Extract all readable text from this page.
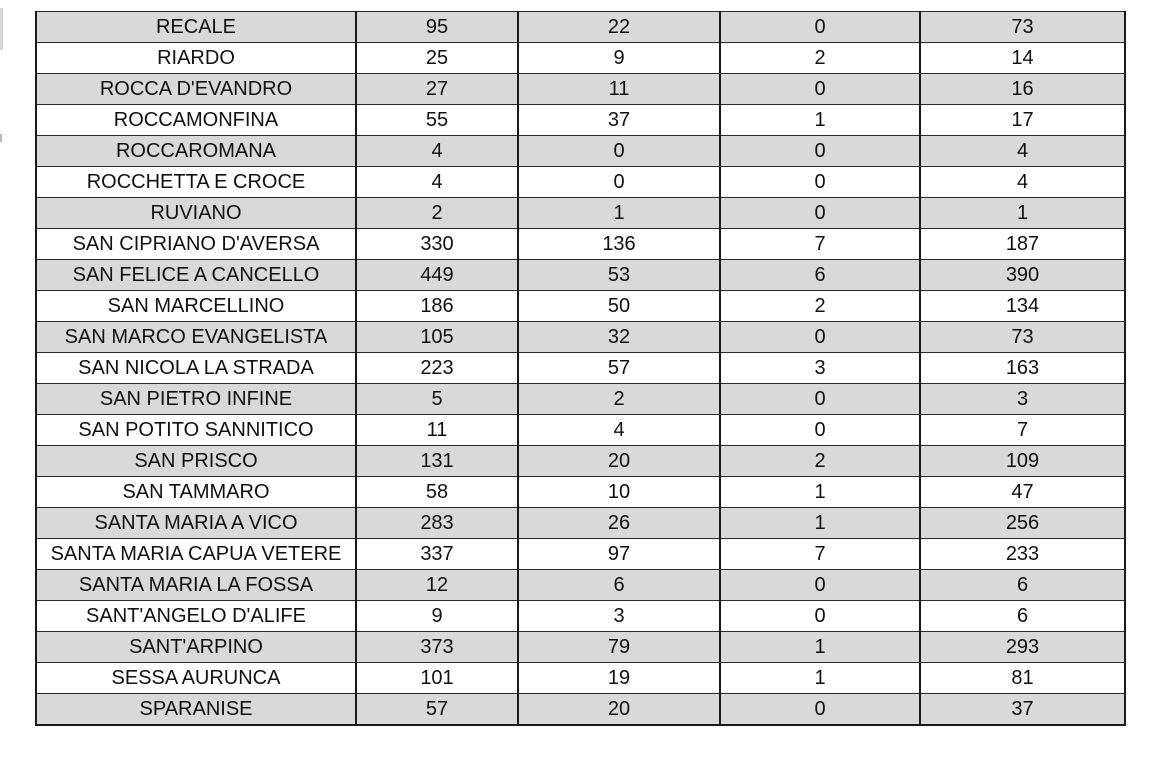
RECALE	95	22	0	73
RIARDO	25	9	2	14
ROCCA D'EVANDRO	27	11	0	16
ROCCAMONFINA	55	37	1	17
ROCCAROMANA	4	0	0	4
ROCCHETTA E CROCE	4	0	0	4
RUVIANO	2	1	0	1
SAN CIPRIANO D'AVERSA	330	136	7	187
SAN FELICE A CANCELLO	449	53	6	390
SAN MARCELLINO	186	50	2	134
SAN MARCO EVANGELISTA	105	32	0	73
SAN NICOLA LA STRADA	223	57	3	163
SAN PIETRO INFINE	5	2	0	3
SAN POTITO SANNITICO	11	4	0	7
SAN PRISCO	131	20	2	109
SAN TAMMARO	58	10	1	47
SANTA MARIA A VICO	283	26	1	256
SANTA MARIA CAPUA VETERE	337	97	7	233
SANTA MARIA LA FOSSA	12	6	0	6
SANT'ANGELO D'ALIFE	9	3	0	6
SANT'ARPINO	373	79	1	293
SESSA AURUNCA	101	19	1	81
SPARANISE	57	20	0	37
